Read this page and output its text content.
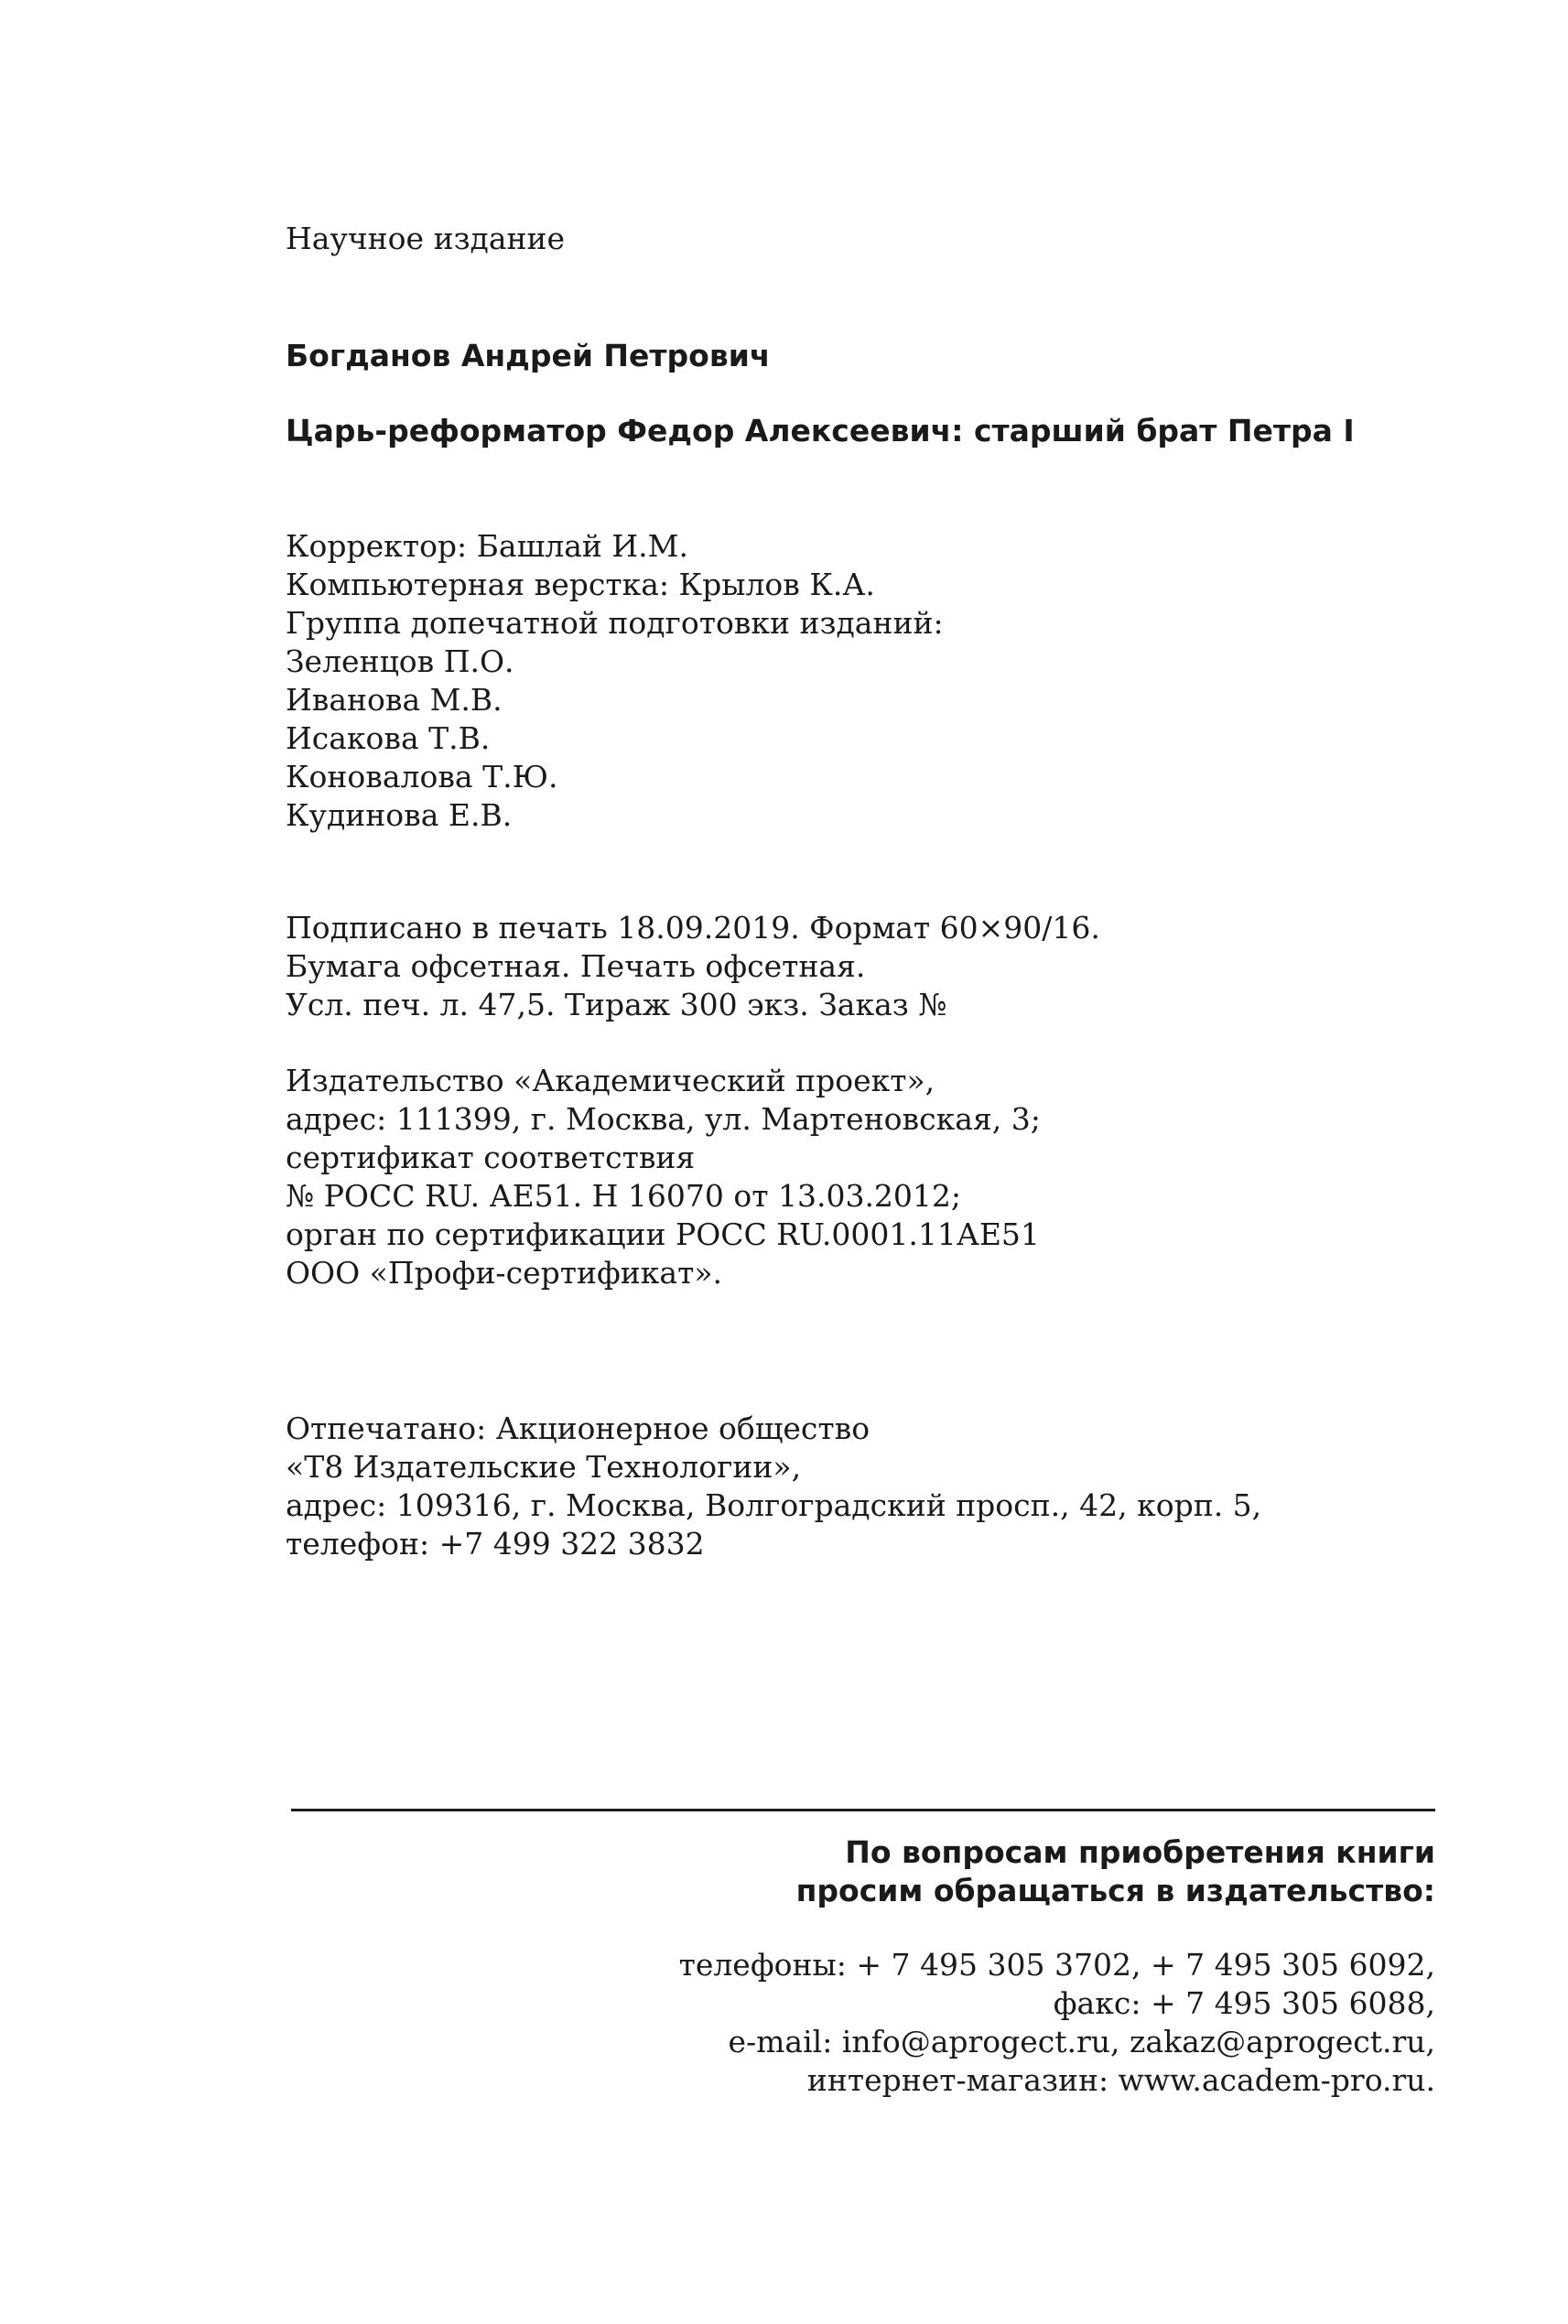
Научное издание
Богданов Андрей Петрович
Царь-реформатор Федор Алексеевич: старший брат Петра I
Корректор: Башлай И.М.
Компьютерная верстка: Крылов К.А.
Группа допечатной подготовки изданий:
Зеленцов П.О.
Иванова М.В.
Исакова Т.В.
Коновалова Т.Ю.
Кудинова Е.В.
Подписано в печать 18.09.2019. Формат 60×90/16.
Бумага офсетная. Печать офсетная.
Усл. печ. л. 47,5. Тираж 300 экз. Заказ №
Издательство «Академический проект»,
адрес: 111399, г. Москва, ул. Мартеновская, 3;
сертификат соответствия
№ РОСС RU. АЕ51. Н 16070 от 13.03.2012;
орган по сертификации РОСС RU.0001.11АЕ51
ООО «Профи-сертификат».
Отпечатано: Акционерное общество
«Т8 Издательские Технологии»,
адрес: 109316, г. Москва, Волгоградский просп., 42, корп. 5,
телефон: +7 499 322 3832
По вопросам приобретения книги
просим обращаться в издательство:
телефоны: + 7 495 305 3702, + 7 495 305 6092,
факс: + 7 495 305 6088,
e-mail: info@aprogect.ru, zakaz@aprogect.ru,
интернет-магазин: www.academ-pro.ru.
